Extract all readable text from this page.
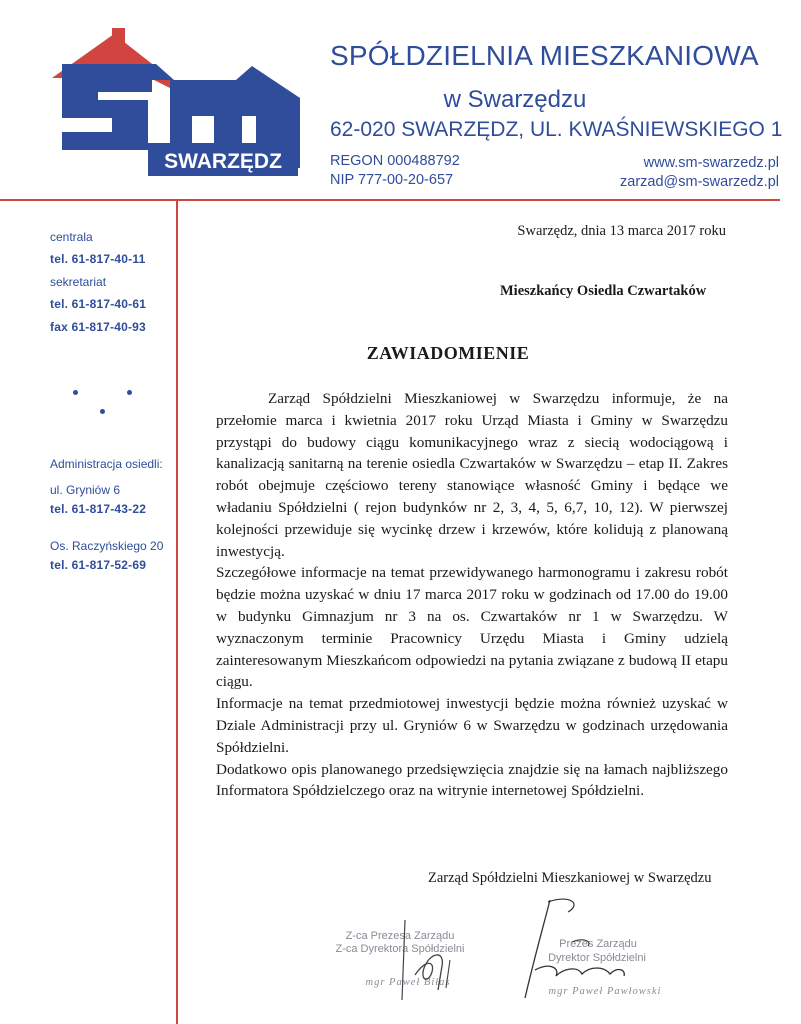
SWARZĘDZ
SPÓŁDZIELNIA MIESZKANIOWA
w Swarzędzu
62-020 SWARZĘDZ, UL. KWAŚNIEWSKIEGO 1
REGON 000488792
NIP 777-00-20-657
www.sm-swarzedz.pl
zarzad@sm-swarzedz.pl
centrala
tel. 61-817-40-11
sekretariat
tel. 61-817-40-61
fax 61-817-40-93
Administracja osiedli:
ul. Gryniów 6
tel. 61-817-43-22
Os. Raczyńskiego 20
tel. 61-817-52-69
Swarzędz, dnia 13 marca 2017 roku
Mieszkańcy Osiedla Czwartaków
ZAWIADOMIENIE

Zarząd Spółdzielni Mieszkaniowej w Swarzędzu informuje, że na przełomie marca i kwietnia 2017 roku Urząd Miasta i Gminy w Swarzędzu przystąpi do budowy ciągu komunikacyjnego wraz z siecią wodociągową i kanalizacją sanitarną na terenie osiedla Czwartaków w Swarzędzu – etap II. Zakres robót obejmuje częściowo tereny stanowiące własność Gminy i będące we władaniu Spółdzielni ( rejon budynków nr 2, 3, 4, 5, 6,7, 10, 12). W pierwszej kolejności przewiduje się wycinkę drzew i krzewów, które kolidują z planowaną inwestycją.

Szczegółowe informacje na temat przewidywanego harmonogramu i zakresu robót będzie można uzyskać w dniu 17 marca 2017 roku w godzinach od 17.00 do 19.00 w budynku Gimnazjum nr 3 na os. Czwartaków nr 1 w Swarzędzu. W wyznaczonym terminie Pracownicy Urzędu Miasta i Gminy udzielą zainteresowanym Mieszkańcom odpowiedzi na pytania związane z budową II etapu ciągu.

Informacje na temat przedmiotowej inwestycji będzie można również uzyskać w Dziale Administracji przy ul. Gryniów 6 w Swarzędzu w godzinach urzędowania Spółdzielni.

Dodatkowo opis planowanego przedsięwzięcia znajdzie się na łamach najbliższego Informatora Spółdzielczego oraz na witrynie internetowej Spółdzielni.

Zarząd Spółdzielni Mieszkaniowej w Swarzędzu
Z-ca Prezesa Zarządu
Z-ca Dyrektora Spółdzielni
mgr Paweł Biłas
Prezes Zarządu
Dyrektor Spółdzielni
mgr Paweł Pawłowski
